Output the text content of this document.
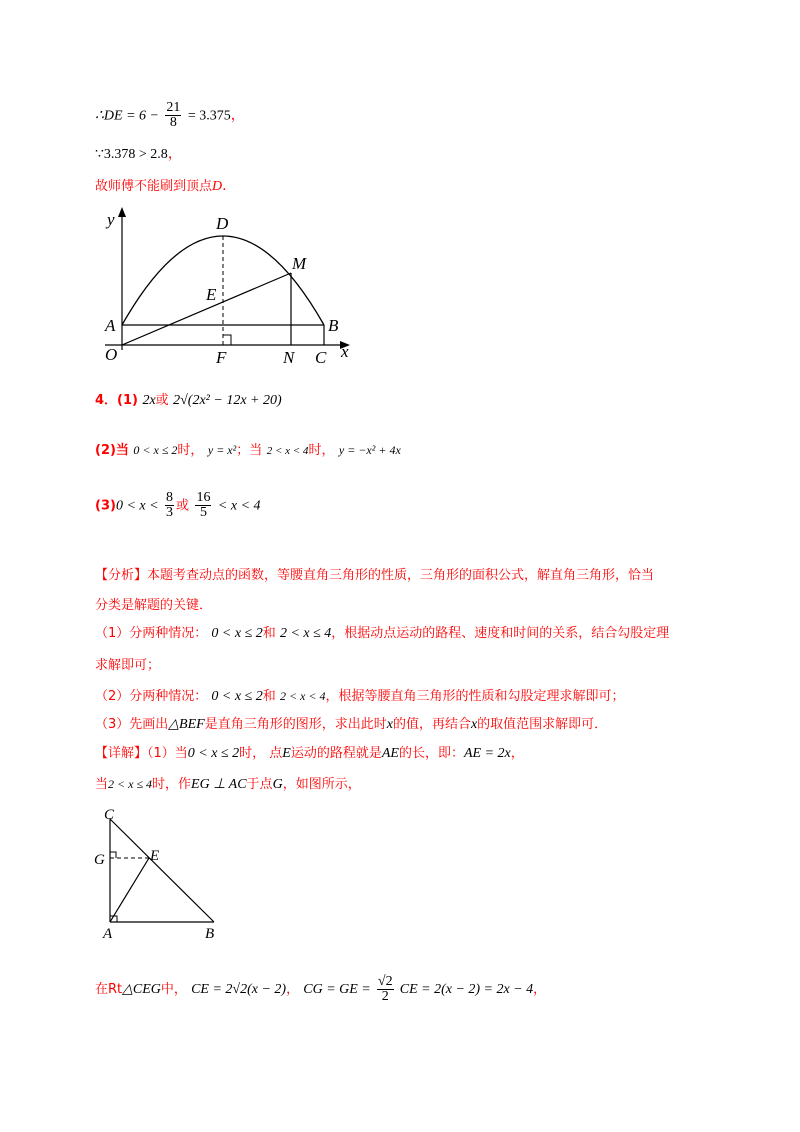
∴DE = $6 - \frac{21}{8} = 3.375$，
∵3.378 > 2.8，
故师傅不能刷到顶点D.
y	D
M
E
A	B
O	F	N C x
4．(1) 2x或 2√(2x² − 12x + 20)
(2)当 0 < x ≤ 2时， y = x²；当 2 < x < 4时， y = −x² + 4x
$(3)0 < x < \frac{8}{3}$ 或 $\frac{16}{5} < x < 4$
【分析】本题考查动点的函数，等腰直角三角形的性质，三角形的面积公式，解直角三角形，恰当
分类是解题的关键．
（1）分两种情况： 0 < x ≤ 2和 2 < x ≤ 4，根据动点运动的路程、速度和时间的关系，结合勾股定理
求解即可；
（2）分两种情况： 0 < x ≤ 2和 2 < x < 4，根据等腰直角三角形的性质和勾股定理求解即可；
（3）先画出△BEF是直角三角形的图形，求出此时x的值，再结合x的取值范围求解即可．
【详解】（1）当0 < x ≤ 2时， 点E运动的路程就是AE的长，即：AE = 2x，
当2 < x ≤ 4时，作EG ⊥ AC于点G，如图所示，
C
G	E
A	B
在Rt△CEG中， CE = 2√2(x − 2)， CG = GE = $\frac{√2}{2}$ CE = 2(x − 2) = 2x − 4，
